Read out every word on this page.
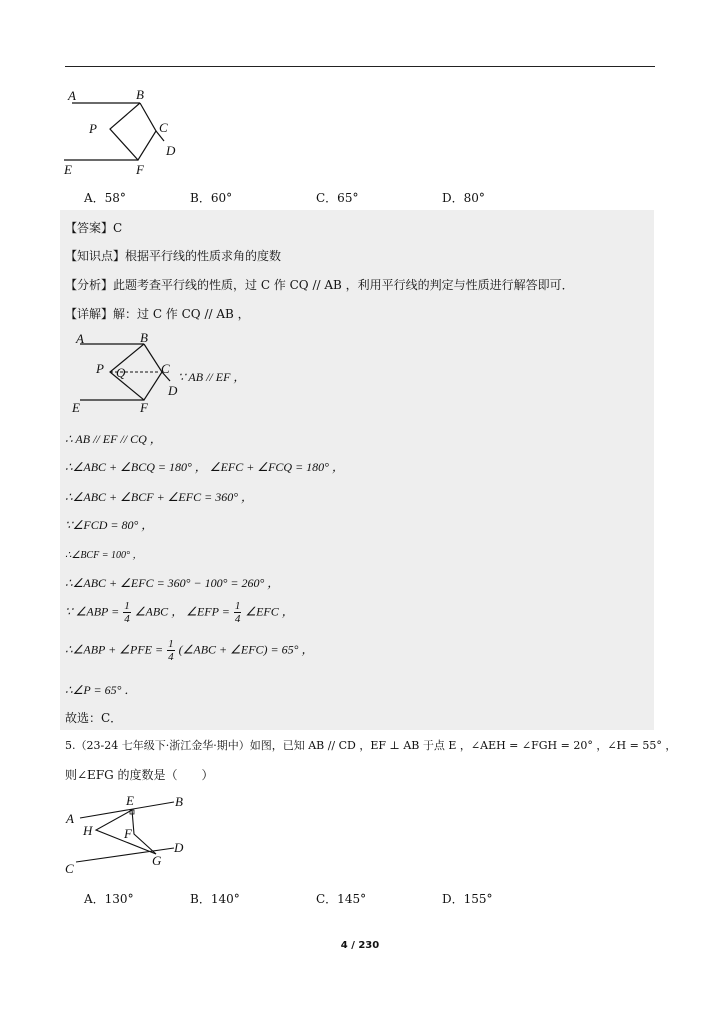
A	B
P	C
D
E	F
A．58°	B．60°	C．65°	D．80°
【答案】C
【知识点】根据平行线的性质求角的度数
【分析】此题考查平行线的性质，过 C 作 CQ // AB ，利用平行线的判定与性质进行解答即可．
【详解】解：过 C 作 CQ // AB ，
A	B
P Q	C
D
E	F
∵ AB // EF ，
∴ AB // EF // CQ ，
∴∠ABC + ∠BCQ = 180° ， ∠EFC + ∠FCQ = 180° ，
∴∠ABC + ∠BCF + ∠EFC = 360° ，
∵∠FCD = 80° ，
∴∠BCF = 100° ，
∴∠ABC + ∠EFC = 360° − 100° = 260° ，
∵ ∠ABP = $\frac{1}{4}$ ∠ABC ， ∠EFP = $\frac{1}{4}$ ∠EFC ，
∴∠ABP + ∠PFE = $\frac{1}{4}$ (∠ABC + ∠EFC) = 65° ，
∴∠P = 65° ．
故选：C．
5.（23-24 七年级下·浙江金华·期中）如图，已知 AB // CD ，EF ⊥ AB 于点 E ，∠AEH = ∠FGH = 20° ，∠H = 55° ，
则∠EFG 的度数是（　　）
E	B
A
H F
D
G
C
A．130°	B．140°	C．145°	D．155°
4 / 230
